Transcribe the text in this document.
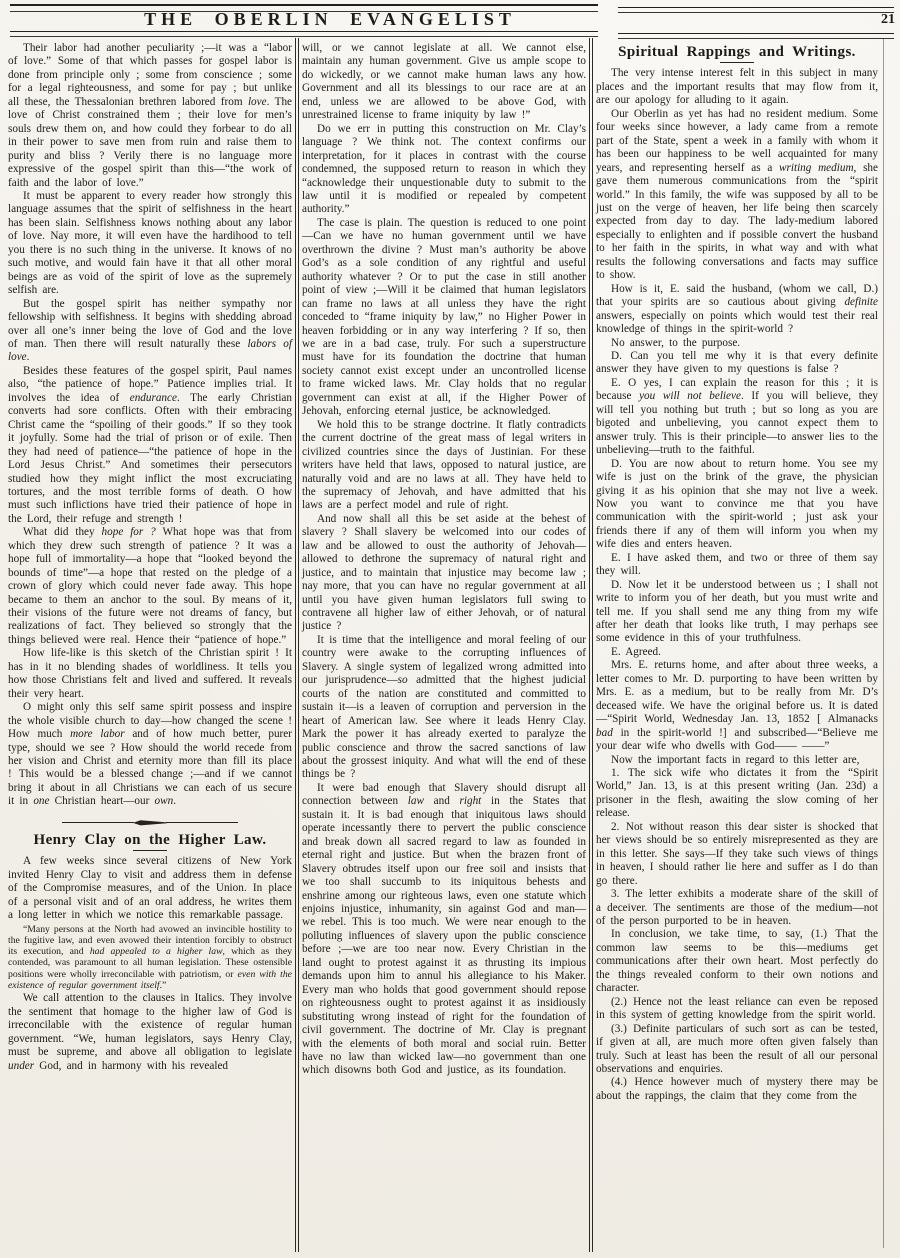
THE OBERLIN EVANGELIST	21

Their labor had another peculiarity ;—it was a “labor of love.” Some of that which passes for gospel labor is done from principle only ; some from conscience ; some for a legal righteousness, and some for pay ; but unlike all these, the Thessalonian brethren labored from love. The love of Christ constrained them ; their love for men’s souls drew them on, and how could they forbear to do all in their power to save men from ruin and raise them to purity and bliss ? Verily there is no language more expressive of the gospel spirit than this—“the work of faith and the labor of love.”

It must be apparent to every reader how strongly this language assumes that the spirit of selfishness in the heart has been slain. Selfishness knows nothing about any labor of love. Nay more, it will even have the hardihood to tell you there is no such thing in the universe. It knows of no such motive, and would fain have it that all other moral beings are as void of the spirit of love as the supremely selfish are.

But the gospel spirit has neither sympathy nor fellowship with selfishness. It begins with shedding abroad over all one’s inner being the love of God and the love of man. Then there will result naturally these labors of love.

Besides these features of the gospel spirit, Paul names also, “the patience of hope.” Patience implies trial. It involves the idea of endurance. The early Christian converts had sore conflicts. Often with their embracing Christ came the “spoiling of their goods.” If so they took it joyfully. Some had the trial of prison or of exile. Then they had need of patience—“the patience of hope in the Lord Jesus Christ.” And sometimes their persecutors studied how they might inflict the most excruciating tortures, and the most terrible forms of death. O how must such inflictions have tried their patience of hope in the Lord, their refuge and strength !

What did they hope for ? What hope was that from which they drew such strength of patience ? It was a hope full of immortality—a hope that “looked beyond the bounds of time”—a hope that rested on the pledge of a crown of glory which could never fade away. This hope became to them an anchor to the soul. By means of it, their visions of the future were not dreams of fancy, but realizations of fact. They believed so strongly that the things believed were real. Hence their “patience of hope.”

How life-like is this sketch of the Christian spirit ! It has in it no blending shades of worldliness. It tells you how those Christians felt and lived and suffered. It reveals their very heart.

O might only this self same spirit possess and inspire the whole visible church to day—how changed the scene ! How much more labor and of how much better, purer type, should we see ? How should the world recede from her vision and Christ and eternity more than fill its place ! This would be a blessed change ;—and if we cannot bring it about in all Christians we can each of us secure it in one Christian heart—our own.

Henry Clay on the Higher Law.

A few weeks since several citizens of New York invited Henry Clay to visit and address them in defense of the Compromise measures, and of the Union. In place of a personal visit and of an oral address, he writes them a long letter in which we notice this remarkable passage.

“Many persons at the North had avowed an invincible hostility to the fugitive law, and even avowed their intention forcibly to obstruct its execution, and had appealed to a higher law, which as they contended, was paramount to all human legislation. These ostensible positions were wholly irreconcilable with patriotism, or even with the existence of regular government itself.”

We call attention to the clauses in Italics. They involve the sentiment that homage to the higher law of God is irreconcilable with the existence of regular human government. “We, human legislators, says Henry Clay, must be supreme, and above all obligation to legislate under God, and in harmony with his revealed

will, or we cannot legislate at all. We cannot else, maintain any human government. Give us ample scope to do wickedly, or we cannot make human laws any how. Government and all its blessings to our race are at an end, unless we are allowed to be above God, with unrestrained license to frame iniquity by law !”

Do we err in putting this construction on Mr. Clay’s language ? We think not. The context confirms our interpretation, for it places in contrast with the course condemned, the supposed return to reason in which they “acknowledge their unquestionable duty to submit to the law until it is modified or repealed by competent authority.”

The case is plain. The question is reduced to one point—Can we have no human government until we have overthrown the divine ? Must man’s authority be above God’s as a sole condition of any rightful and useful authority whatever ? Or to put the case in still another point of view ;—Will it be claimed that human legislators can frame no laws at all unless they have the right conceded to “frame iniquity by law,” no Higher Power in heaven forbidding or in any way interfering ? If so, then we are in a bad case, truly. For such a superstructure must have for its foundation the doctrine that human society cannot exist except under an uncontrolled license to frame wicked laws. Mr. Clay holds that no regular government can exist at all, if the Higher Power of Jehovah, enforcing eternal justice, be acknowledged.

We hold this to be strange doctrine. It flatly contradicts the current doctrine of the great mass of legal writers in civilized countries since the days of Justinian. For these writers have held that laws, opposed to natural justice, are naturally void and are no laws at all. They have held to the supremacy of Jehovah, and have admitted that his laws are a perfect model and rule of right.

And now shall all this be set aside at the behest of slavery ? Shall slavery be welcomed into our codes of law and be allowed to oust the authority of Jehovah—allowed to dethrone the supremacy of natural right and justice, and to maintain that injustice may become law ; nay more, that you can have no regular government at all until you have given human legislators full swing to contravene all higher law of either Jehovah, or of natural justice ?

It is time that the intelligence and moral feeling of our country were awake to the corrupting influences of Slavery. A single system of legalized wrong admitted into our jurisprudence—so admitted that the highest judicial courts of the nation are constituted and committed to sustain it—is a leaven of corruption and perversion in the heart of American law. See where it leads Henry Clay. Mark the power it has already exerted to paralyze the public conscience and throw the sacred sanctions of law about the grossest iniquity. And what will the end of these things be ?

It were bad enough that Slavery should disrupt all connection between law and right in the States that sustain it. It is bad enough that iniquitous laws should operate incessantly there to pervert the public conscience and break down all sacred regard to law as founded in eternal right and justice. But when the brazen front of Slavery obtrudes itself upon our free soil and insists that we too shall succumb to its iniquitous behests and enshrine among our righteous laws, even one statute which enjoins injustice, inhumanity, sin against God and man—we rebel. This is too much. We were near enough to the polluting influences of slavery upon the public conscience before ;—we are too near now. Every Christian in the land ought to protest against it as thrusting its impious demands upon him to annul his allegiance to his Maker. Every man who holds that good government should repose on righteousness ought to protest against it as insidiously substituting wrong instead of right for the foundation of civil government. The doctrine of Mr. Clay is pregnant with the elements of both moral and social ruin. Better have no law than wicked law—no government than one which disowns both God and justice, as its foundation.

Spiritual Rappings and Writings.

The very intense interest felt in this subject in many places and the important results that may flow from it, are our apology for alluding to it again.

Our Oberlin as yet has had no resident medium. Some four weeks since however, a lady came from a remote part of the State, spent a week in a family with whom it has been our happiness to be well acquainted for many years, and representing herself as a writing medium, she gave them numerous communications from the “spirit world.” In this family, the wife was supposed by all to be just on the verge of heaven, her life being then scarcely expected from day to day. The lady-medium labored especially to enlighten and if possible convert the husband to her faith in the spirits, in what way and with what results the following conversations and facts may suffice to show.

How is it, E. said the husband, (whom we call, D.) that your spirits are so cautious about giving definite answers, especially on points which would test their real knowledge of things in the spirit-world ?

No answer, to the purpose.

D. Can you tell me why it is that every definite answer they have given to my questions is false ?

E. O yes, I can explain the reason for this ; it is because you will not believe. If you will believe, they will tell you nothing but truth ; but so long as you are bigoted and unbelieving, you cannot expect them to answer truly. This is their principle—to answer lies to the unbelieving—truth to the faithful.

D. You are now about to return home. You see my wife is just on the brink of the grave, the physician giving it as his opinion that she may not live a week. Now you want to convince me that you have communication with the spirit-world ; just ask your friends there if any of them will inform you when my wife dies and enters heaven.

E. I have asked them, and two or three of them say they will.

D. Now let it be understood between us ; I shall not write to inform you of her death, but you must write and tell me. If you shall send me any thing from my wife after her death that looks like truth, I may perhaps see some evidence in this of your truthfulness.

E. Agreed.

Mrs. E. returns home, and after about three weeks, a letter comes to Mr. D. purporting to have been written by Mrs. E. as a medium, but to be really from Mr. D’s deceased wife. We have the original before us. It is dated—“Spirit World, Wednesday Jan. 13, 1852 [ Almanacks bad in the spirit-world !] and subscribed—“Believe me your dear wife who dwells with God—— ——”

Now the important facts in regard to this letter are,

1. The sick wife who dictates it from the “Spirit World,” Jan. 13, is at this present writing (Jan. 23d) a prisoner in the flesh, awaiting the slow coming of her release.

2. Not without reason this dear sister is shocked that her views should be so entirely misrepresented as they are in this letter. She says—If they take such views of things in heaven, I should rather lie here and suffer as I do than go there.

3. The letter exhibits a moderate share of the skill of a deceiver. The sentiments are those of the medium—not of the person purported to be in heaven.

In conclusion, we take time, to say, (1.) That the common law seems to be this—mediums get communications after their own heart. Most perfectly do the things revealed conform to their own notions and character.

(2.) Hence not the least reliance can even be reposed in this system of getting knowledge from the spirit world.

(3.) Definite particulars of such sort as can be tested, if given at all, are much more often given falsely than truly. Such at least has been the result of all our personal observations and enquiries.

(4.) Hence however much of mystery there may be about the rappings, the claim that they come from the
